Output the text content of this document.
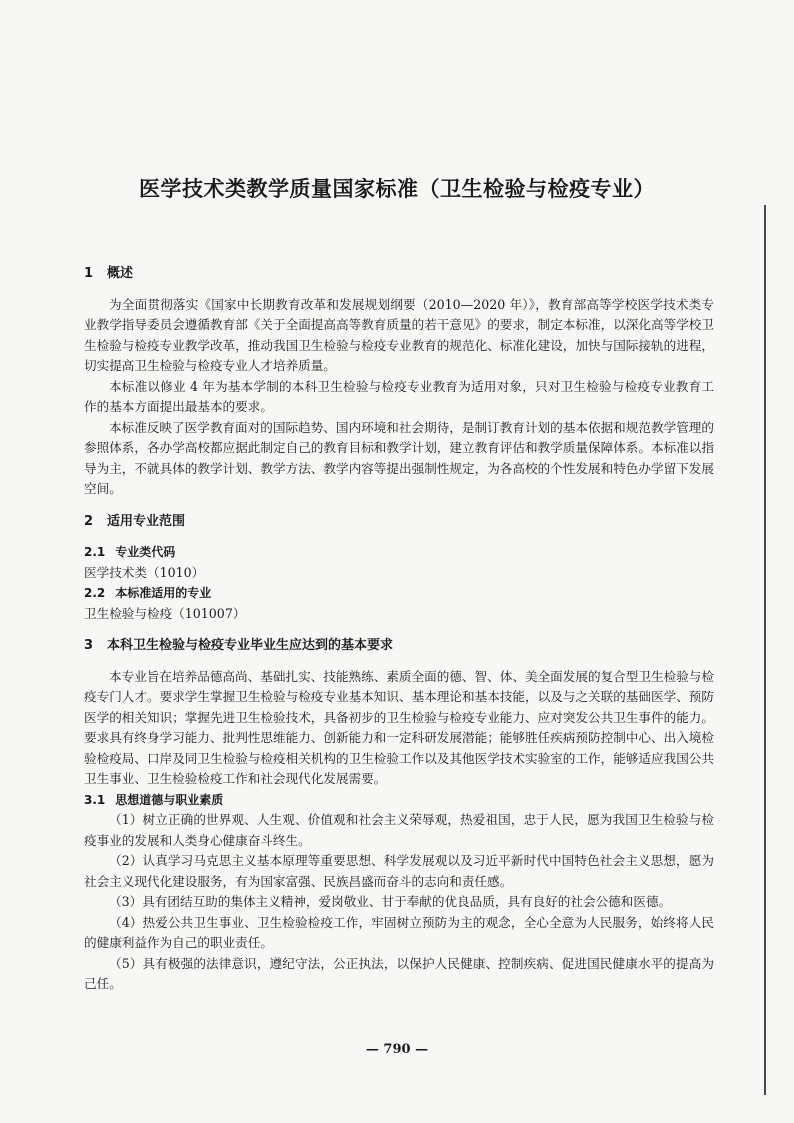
医学技术类教学质量国家标准（卫生检验与检疫专业）
1 概述

为全面贯彻落实《国家中长期教育改革和发展规划纲要（2010—2020 年）》，教育部高等学校医学技术类专业教学指导委员会遵循教育部《关于全面提高高等教育质量的若干意见》的要求，制定本标准，以深化高等学校卫生检验与检疫专业教学改革，推动我国卫生检验与检疫专业教育的规范化、标准化建设，加快与国际接轨的进程，切实提高卫生检验与检疫专业人才培养质量。

本标准以修业 4 年为基本学制的本科卫生检验与检疫专业教育为适用对象，只对卫生检验与检疫专业教育工作的基本方面提出最基本的要求。

本标准反映了医学教育面对的国际趋势、国内环境和社会期待，是制订教育计划的基本依据和规范教学管理的参照体系，各办学高校都应据此制定自己的教育目标和教学计划，建立教育评估和教学质量保障体系。本标准以指导为主，不就具体的教学计划、教学方法、教学内容等提出强制性规定，为各高校的个性发展和特色办学留下发展空间。

2 适用专业范围
2.1 专业类代码

医学技术类（1010）

2.2 本标准适用的专业

卫生检验与检疫（101007）

3 本科卫生检验与检疫专业毕业生应达到的基本要求

本专业旨在培养品德高尚、基础扎实、技能熟练、素质全面的德、智、体、美全面发展的复合型卫生检验与检疫专门人才。要求学生掌握卫生检验与检疫专业基本知识、基本理论和基本技能，以及与之关联的基础医学、预防医学的相关知识；掌握先进卫生检验技术，具备初步的卫生检验与检疫专业能力、应对突发公共卫生事件的能力。要求具有终身学习能力、批判性思维能力、创新能力和一定科研发展潜能；能够胜任疾病预防控制中心、出入境检验检疫局、口岸及同卫生检验与检疫相关机构的卫生检验工作以及其他医学技术实验室的工作，能够适应我国公共卫生事业、卫生检验检疫工作和社会现代化发展需要。

3.1 思想道德与职业素质

（1）树立正确的世界观、人生观、价值观和社会主义荣辱观，热爱祖国，忠于人民，愿为我国卫生检验与检疫事业的发展和人类身心健康奋斗终生。

（2）认真学习马克思主义基本原理等重要思想、科学发展观以及习近平新时代中国特色社会主义思想，愿为社会主义现代化建设服务，有为国家富强、民族昌盛而奋斗的志向和责任感。

（3）具有团结互助的集体主义精神，爱岗敬业、甘于奉献的优良品质，具有良好的社会公德和医德。

（4）热爱公共卫生事业、卫生检验检疫工作，牢固树立预防为主的观念，全心全意为人民服务，始终将人民的健康利益作为自己的职业责任。

（5）具有极强的法律意识，遵纪守法，公正执法，以保护人民健康、控制疾病、促进国民健康水平的提高为己任。

— 790 —
